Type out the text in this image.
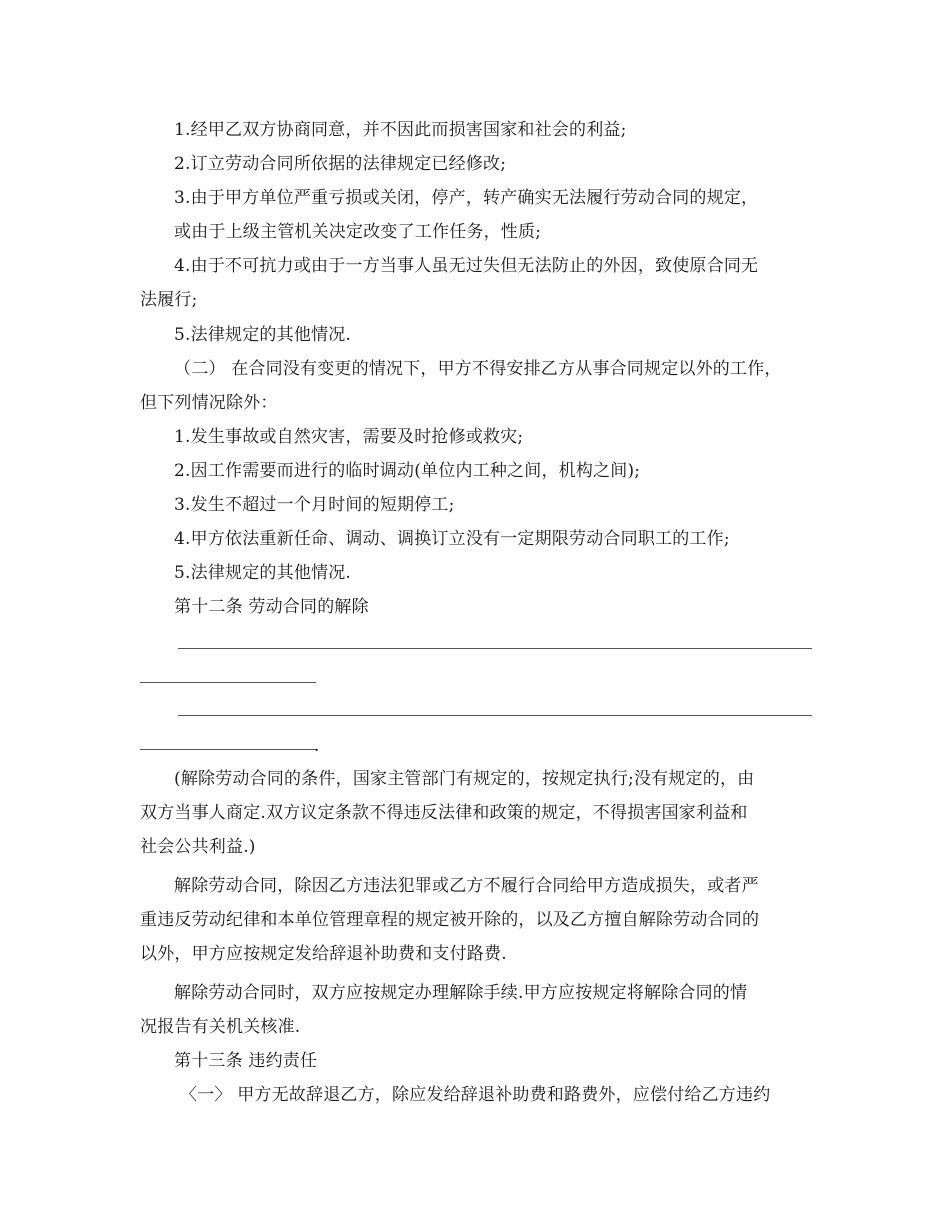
1.经甲乙双方协商同意，并不因此而损害国家和社会的利益;
2.订立劳动合同所依据的法律规定已经修改;
3.由于甲方单位严重亏损或关闭，停产，转产确实无法履行劳动合同的规定，
或由于上级主管机关决定改变了工作任务，性质;
4.由于不可抗力或由于一方当事人虽无过失但无法防止的外因，致使原合同无
法履行;
5.法律规定的其他情况.
（二） 在合同没有变更的情况下，甲方不得安排乙方从事合同规定以外的工作，
但下列情况除外：
1.发生事故或自然灾害，需要及时抢修或救灾;
2.因工作需要而进行的临时调动(单位内工种之间，机构之间);
3.发生不超过一个月时间的短期停工;
4.甲方依法重新任命、调动、调换订立没有一定期限劳动合同职工的工作;
5.法律规定的其他情况.
第十二条 劳动合同的解除
.
(解除劳动合同的条件，国家主管部门有规定的，按规定执行;没有规定的，由
双方当事人商定.双方议定条款不得违反法律和政策的规定，不得损害国家利益和
社会公共利益.)
解除劳动合同，除因乙方违法犯罪或乙方不履行合同给甲方造成损失，或者严
重违反劳动纪律和本单位管理章程的规定被开除的，以及乙方擅自解除劳动合同的
以外，甲方应按规定发给辞退补助费和支付路费.
解除劳动合同时，双方应按规定办理解除手续.甲方应按规定将解除合同的情
况报告有关机关核准.
第十三条 违约责任
〈一〉 甲方无故辞退乙方，除应发给辞退补助费和路费外，应偿付给乙方违约
